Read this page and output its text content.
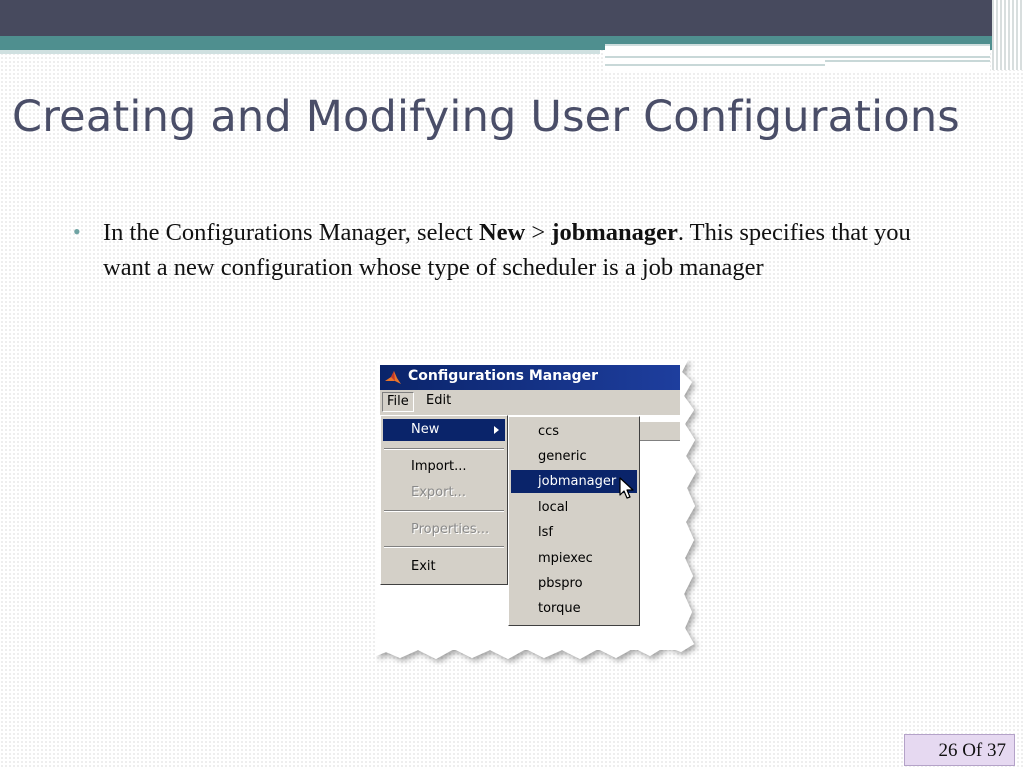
Creating and Modifying User Configurations
• In the Configurations Manager, select New > jobmanager. This specifies that you want a new configuration whose type of scheduler is a job manager
Configurations Manager
File	Edit
New
Import...
Export...
Properties...
Exit
ccs
generic
jobmanager
local
lsf
mpiexec
pbspro
torque
26 Of 37
